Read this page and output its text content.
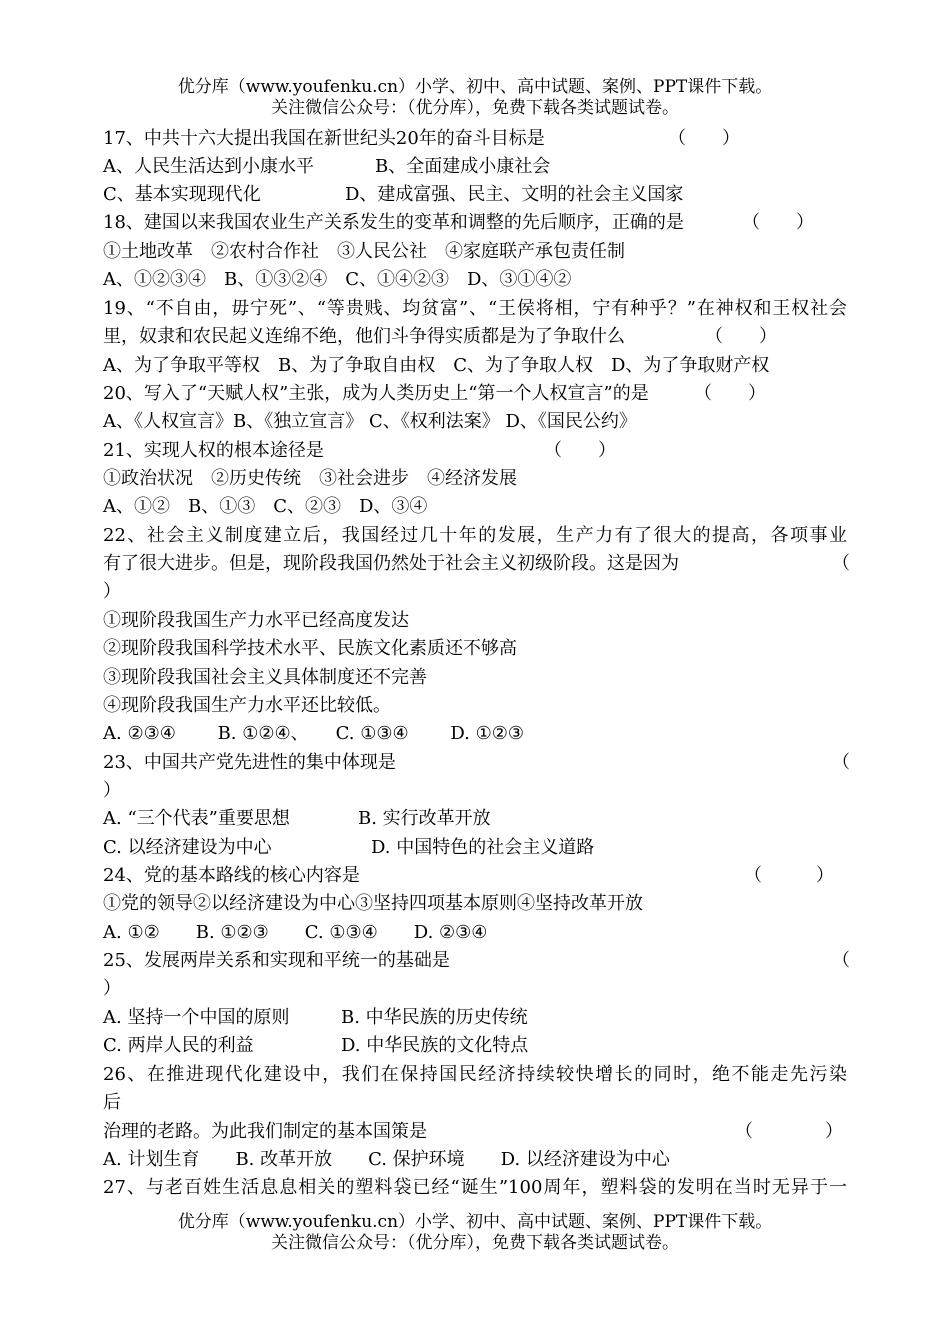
优分库（www.youfenku.cn）小学、初中、高中试题、案例、PPT课件下载。
关注微信公众号：（优分库），免费下载各类试题试卷。
17、中共十六大提出我国在新世纪头20年的奋斗目标是	（　　）
A、人民生活达到小康水平	B、全面建成小康社会
C、基本实现现代化	D、建成富强、民主、文明的社会主义国家
18、建国以来我国农业生产关系发生的变革和调整的先后顺序，正确的是	（　　）
①土地改革　②农村合作社　③人民公社　④家庭联产承包责任制
A、①②③④　B、①③②④　C、①④②③　D、③①④②
19、“不自由，毋宁死”、“等贵贱、均贫富”、“王侯将相，宁有种乎？”在神权和王权社会
里，奴隶和农民起义连绵不绝，他们斗争得实质都是为了争取什么	（　　）
A、为了争取平等权　B、为了争取自由权　C、为了争取人权　D、为了争取财产权
20、写入了“天赋人权”主张，成为人类历史上“第一个人权宣言”的是	（　　）
A、《人权宣言》B、《独立宣言》 C、《权利法案》 D、《国民公约》
21、实现人权的根本途径是	（　　）
①政治状况　②历史传统　③社会进步　④经济发展
A、①②　B、①③　C、②③　D、③④
22、社会主义制度建立后，我国经过几十年的发展，生产力有了很大的提高，各项事业
有了很大进步。但是，现阶段我国仍然处于社会主义初级阶段。这是因为	（
）
①现阶段我国生产力水平已经高度发达
②现阶段我国科学技术水平、民族文化素质还不够高
③现阶段我国社会主义具体制度还不完善
④现阶段我国生产力水平还比较低。
A. ②③④　　 B. ①②④、　　C. ①③④　　 D. ①②③
23、中国共产党先进性的集中体现是	（
）
A. “三个代表”重要思想	B. 实行改革开放
C. 以经济建设为中心	D. 中国特色的社会主义道路
24、党的基本路线的核心内容是	（　　　）
①党的领导②以经济建设为中心③坚持四项基本原则④坚持改革开放
A. ①②　　B. ①②③　　C. ①③④　　D. ②③④
25、发展两岸关系和实现和平统一的基础是	（
）
A. 坚持一个中国的原则	B. 中华民族的历史传统
C. 两岸人民的利益	D. 中华民族的文化特点
26、在推进现代化建设中，我们在保持国民经济持续较快增长的同时，绝不能走先污染
后
治理的老路。为此我们制定的基本国策是	（　　　　）
A. 计划生育　　B. 改革开放　　C. 保护环境　　D. 以经济建设为中心
27、与老百姓生活息息相关的塑料袋已经“诞生”100周年，塑料袋的发明在当时无异于一
优分库（www.youfenku.cn）小学、初中、高中试题、案例、PPT课件下载。
关注微信公众号：（优分库），免费下载各类试题试卷。
